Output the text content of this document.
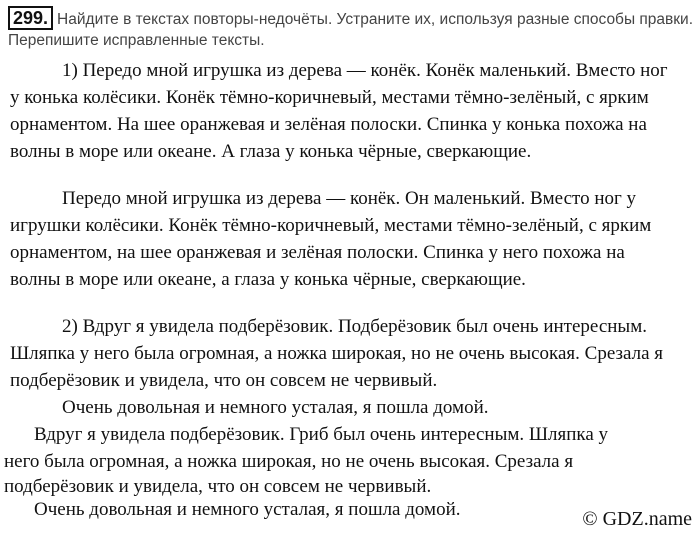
299. Найдите в текстах повторы-недочёты. Устраните их, используя разные способы правки. Перепишите исправленные тексты.
1) Передо мной игрушка из дерева — конёк. Конёк маленький. Вместо ног
у конька колёсики. Конёк тёмно-коричневый, местами тёмно-зелёный, с ярким
орнаментом. На шее оранжевая и зелёная полоски. Спинка у конька похожа на
волны в море или океане. А глаза у конька чёрные, сверкающие.
Передо мной игрушка из дерева — конёк. Он маленький. Вместо ног у
игрушки колёсики. Конёк тёмно-коричневый, местами тёмно-зелёный, с ярким
орнаментом, на шее оранжевая и зелёная полоски. Спинка у него похожа на
волны в море или океане, а глаза у конька чёрные, сверкающие.
2) Вдруг я увидела подберёзовик. Подберёзовик был очень интересным.
Шляпка у него была огромная, а ножка широкая, но не очень высокая. Срезала я
подберёзовик и увидела, что он совсем не червивый.
Очень довольная и немного усталая, я пошла домой.
Вдруг я увидела подберёзовик. Гриб был очень интересным. Шляпка у
него была огромная, а ножка широкая, но не очень высокая. Срезала я
подберёзовик и увидела, что он совсем не червивый.
Очень довольная и немного усталая, я пошла домой.	© GDZ.name
